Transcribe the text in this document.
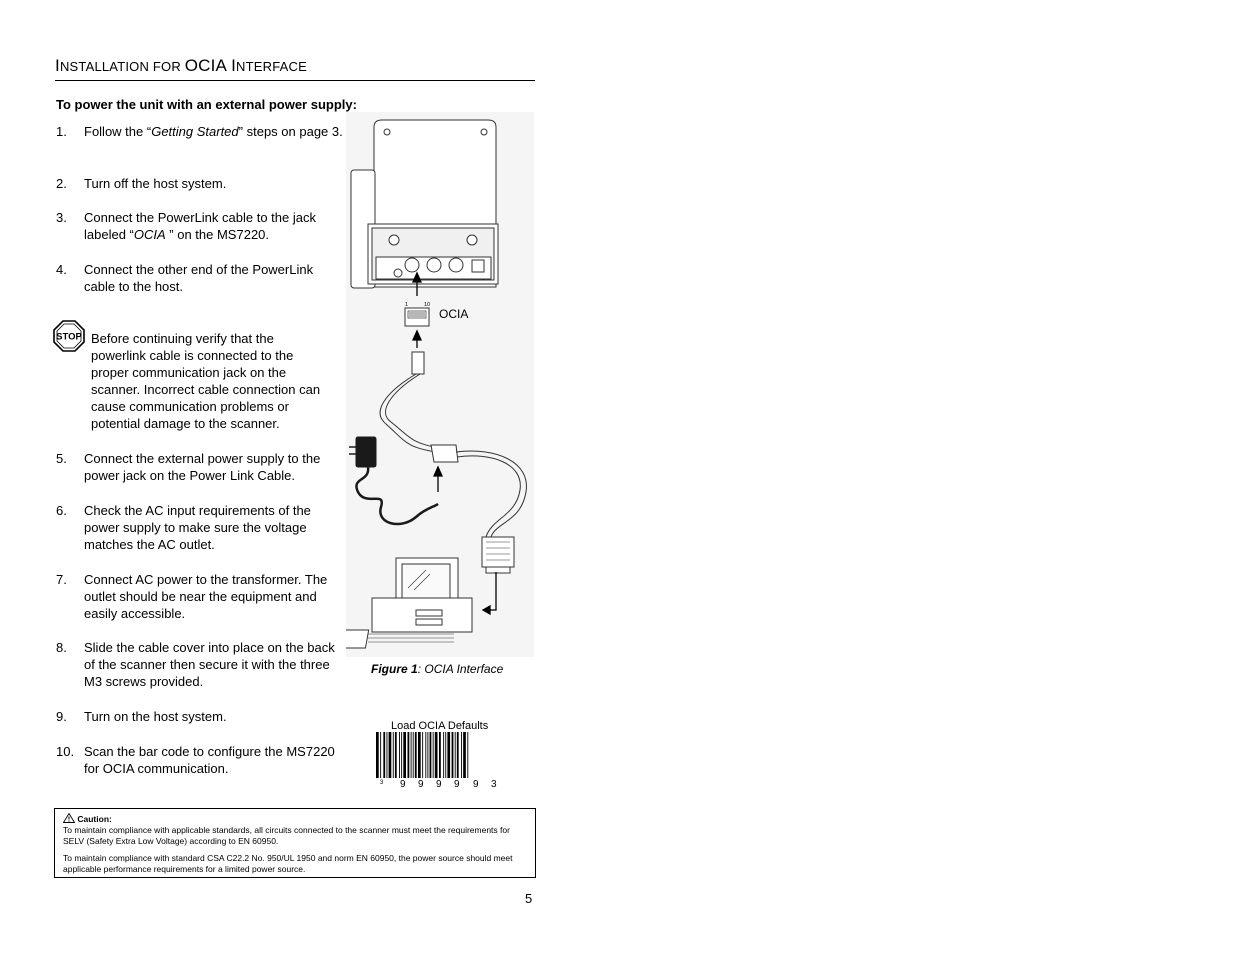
INSTALLATION FOR OCIA INTERFACE
To power the unit with an external power supply:
1. Follow the “Getting Started” steps on page 3.
2. Turn off the host system.
3. Connect the PowerLink cable to the jack labeled “OCIA ” on the MS7220.
4. Connect the other end of the PowerLink cable to the host.
STOP Before continuing verify that the powerlink cable is connected to the proper communication jack on the scanner. Incorrect cable connection can cause communication problems or potential damage to the scanner.
5. Connect the external power supply to the power jack on the Power Link Cable.
6. Check the AC input requirements of the power supply to make sure the voltage matches the AC outlet.
7. Connect AC power to the transformer. The outlet should be near the equipment and easily accessible.
8. Slide the cable cover into place on the back of the scanner then secure it with the three M3 screws provided.
9. Turn on the host system.
10. Scan the bar code to configure the MS7220 for OCIA communication.
1	10
OCIA
Figure 1: OCIA Interface
Load OCIA Defaults
3 9 9 9 9 9 3
Caution:
To maintain compliance with applicable standards, all circuits connected to the scanner must meet the requirements for SELV (Safety Extra Low Voltage) according to EN 60950.
To maintain compliance with standard CSA C22.2 No. 950/UL 1950 and norm EN 60950, the power source should meet applicable performance requirements for a limited power source.
5
